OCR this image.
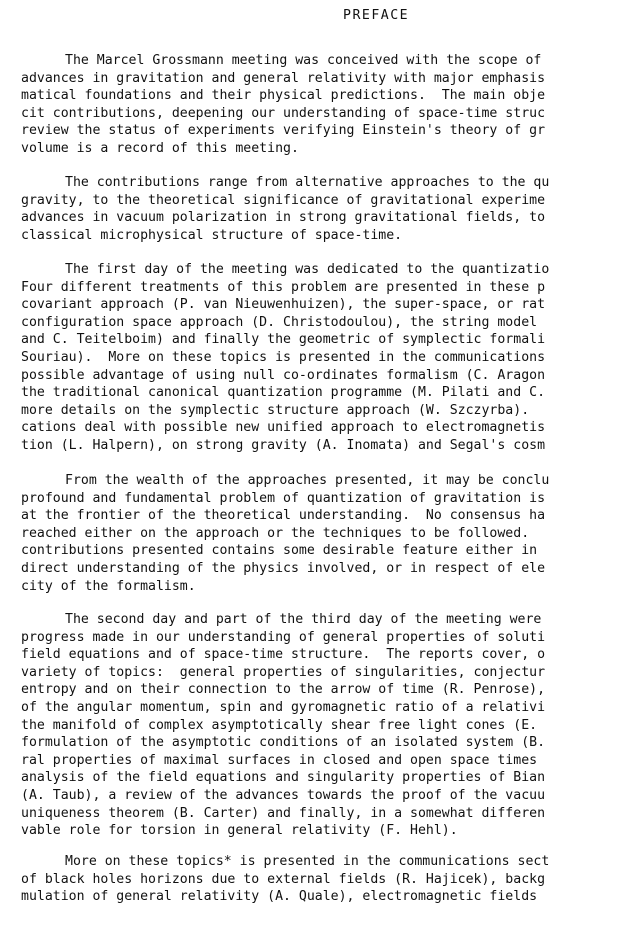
PREFACE
The Marcel Grossmann meeting was conceived with the scope of
advances in gravitation and general relativity with major emphasis
matical foundations and their physical predictions.  The main obje
cit contributions, deepening our understanding of space-time struc
review the status of experiments verifying Einstein's theory of gr
volume is a record of this meeting.
The contributions range from alternative approaches to the qu
gravity, to the theoretical significance of gravitational experime
advances in vacuum polarization in strong gravitational fields, to
classical microphysical structure of space-time.
The first day of the meeting was dedicated to the quantizatio
Four different treatments of this problem are presented in these p
covariant approach (P. van Nieuwenhuizen), the super-space, or rat
configuration space approach (D. Christodoulou), the string model
and C. Teitelboim) and finally the geometric of symplectic formali
Souriau).  More on these topics is presented in the communications
possible advantage of using null co-ordinates formalism (C. Aragon
the traditional canonical quantization programme (M. Pilati and C.
more details on the symplectic structure approach (W. Szczyrba).
cations deal with possible new unified approach to electromagnetis
tion (L. Halpern), on strong gravity (A. Inomata) and Segal's cosm
From the wealth of the approaches presented, it may be conclu
profound and fundamental problem of quantization of gravitation is
at the frontier of the theoretical understanding.  No consensus ha
reached either on the approach or the techniques to be followed.
contributions presented contains some desirable feature either in
direct understanding of the physics involved, or in respect of ele
city of the formalism.
The second day and part of the third day of the meeting were
progress made in our understanding of general properties of soluti
field equations and of space-time structure.  The reports cover, o
variety of topics:  general properties of singularities, conjectur
entropy and on their connection to the arrow of time (R. Penrose),
of the angular momentum, spin and gyromagnetic ratio of a relativi
the manifold of complex asymptotically shear free light cones (E.
formulation of the asymptotic conditions of an isolated system (B.
ral properties of maximal surfaces in closed and open space times
analysis of the field equations and singularity properties of Bian
(A. Taub), a review of the advances towards the proof of the vacuu
uniqueness theorem (B. Carter) and finally, in a somewhat differen
vable role for torsion in general relativity (F. Hehl).
More on these topics* is presented in the communications sect
of black holes horizons due to external fields (R. Hajicek), backg
mulation of general relativity (A. Quale), electromagnetic fields
